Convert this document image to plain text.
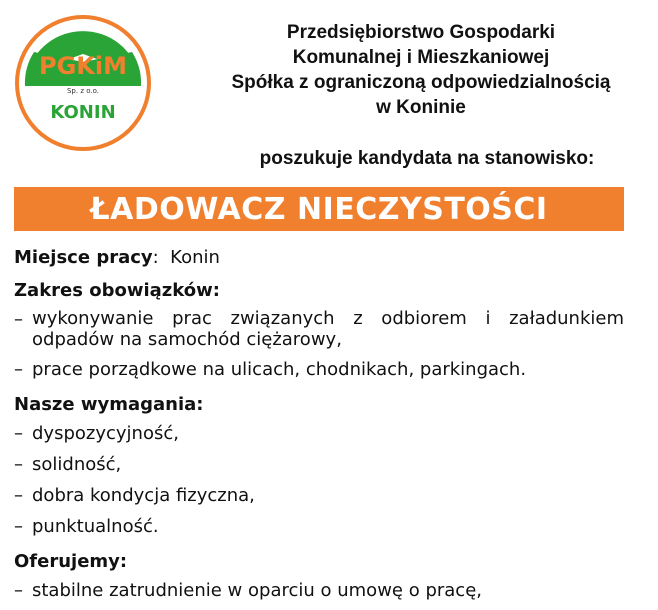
PGKiM
Sp. z o.o.
KONIN
Przedsiębiorstwo Gospodarki
Komunalnej i Mieszkaniowej
Spółka z ograniczoną odpowiedzialnością
w Koninie
poszukuje kandydata na stanowisko:
ŁADOWACZ NIECZYSTOŚCI
Miejsce pracy: Konin
Zakres obowiązków:
– wykonywanie prac związanych z odbiorem i załadunkiem odpadów na samochód ciężarowy,
– prace porządkowe na ulicach, chodnikach, parkingach.
Nasze wymagania:
– dyspozycyjność,
– solidność,
– dobra kondycja fizyczna,
– punktualność.
Oferujemy:
– stabilne zatrudnienie w oparciu o umowę o pracę,
